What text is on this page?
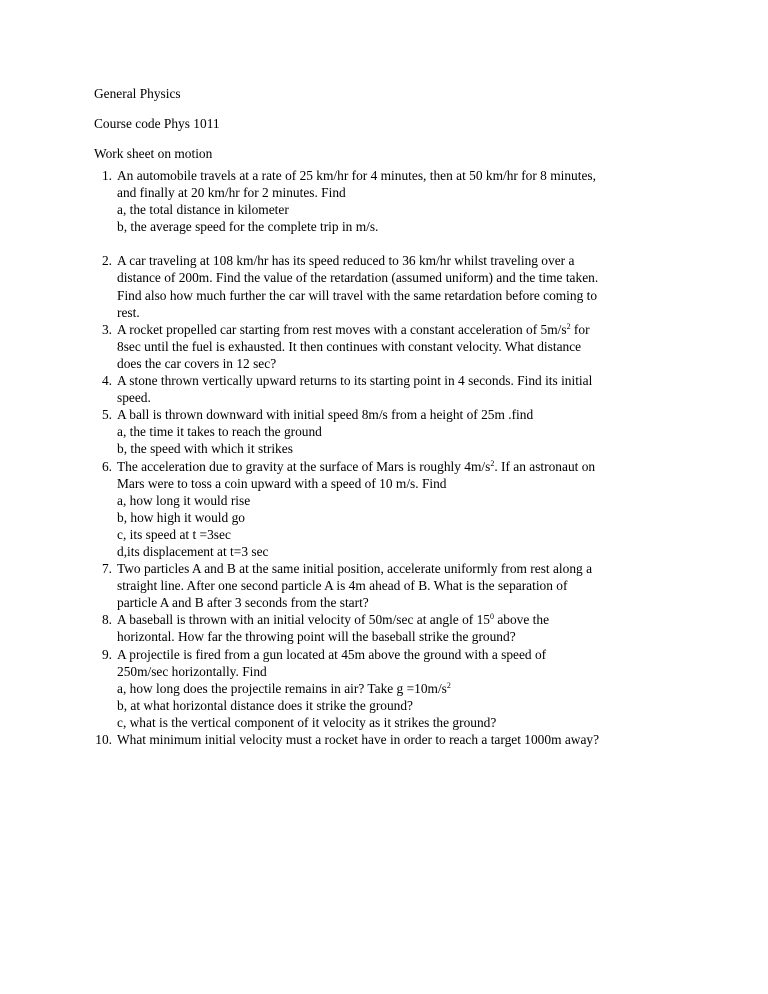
General Physics
Course code Phys 1011
Work sheet on motion
1. An automobile travels at a rate of 25 km/hr for 4 minutes, then at 50 km/hr for 8 minutes,
and finally at 20 km/hr for 2 minutes. Find
a, the total distance in kilometer
b, the average speed for the complete trip in m/s.
2. A car traveling at 108 km/hr has its speed reduced to 36 km/hr whilst traveling over a
distance of 200m. Find the value of the retardation (assumed uniform) and the time taken.
Find also how much further the car will travel with the same retardation before coming to
rest.
3. A rocket propelled car starting from rest moves with a constant acceleration of $5m/s^2$ for
8sec until the fuel is exhausted. It then continues with constant velocity. What distance
does the car covers in 12 sec?
4. A stone thrown vertically upward returns to its starting point in 4 seconds. Find its initial
speed.
5. A ball is thrown downward with initial speed 8m/s from a height of 25m .find
a, the time it takes to reach the ground
b, the speed with which it strikes
6. The acceleration due to gravity at the surface of Mars is roughly $4m/s^2$. If an astronaut on
Mars were to toss a coin upward with a speed of 10 m/s. Find
a, how long it would rise
b, how high it would go
c, its speed at t =3sec
d,its displacement at t=3 sec
7. Two particles A and B at the same initial position, accelerate uniformly from rest along a
straight line. After one second particle A is 4m ahead of B. What is the separation of
particle A and B after 3 seconds from the start?
8. A baseball is thrown with an initial velocity of 50m/sec at angle of $15^0$ above the
horizontal. How far the throwing point will the baseball strike the ground?
9. A projectile is fired from a gun located at 45m above the ground with a speed of
250m/sec horizontally. Find
a, how long does the projectile remains in air? Take $g =10m/s^2$
b, at what horizontal distance does it strike the ground?
c, what is the vertical component of it velocity as it strikes the ground?
10. What minimum initial velocity must a rocket have in order to reach a target 1000m away?
